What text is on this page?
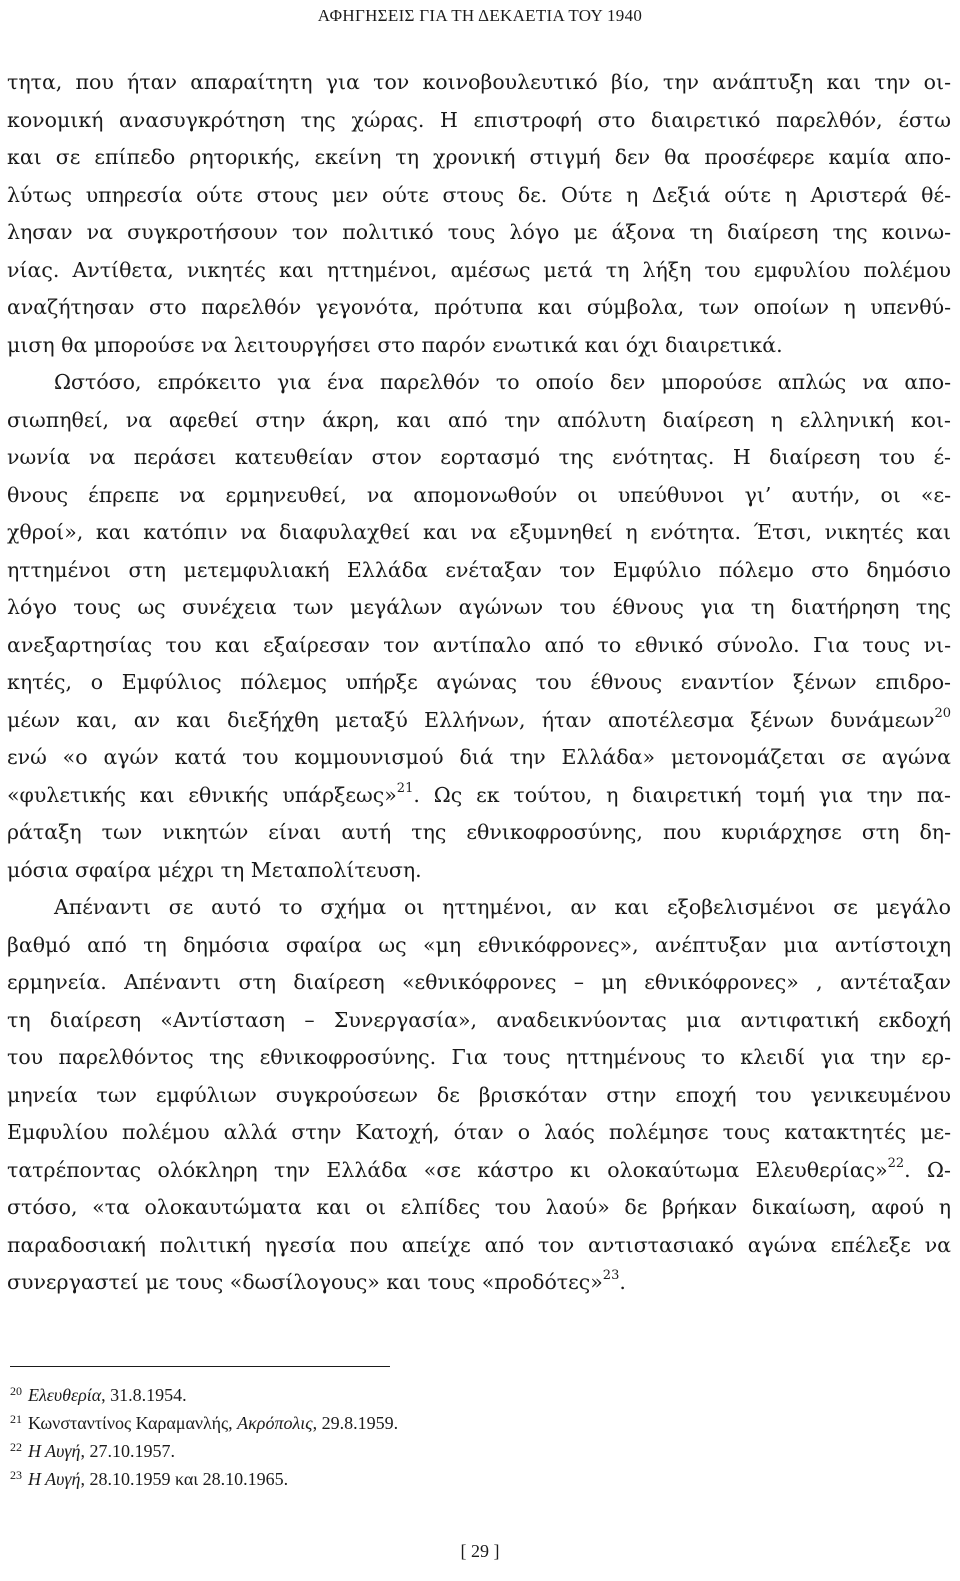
ΑΦΗΓΗΣΕΙΣ ΓΙΑ ΤΗ ΔΕΚΑΕΤΙΑ ΤΟΥ 1940
τητα, που ήταν απαραίτητη για τον κοινοβουλευτικό βίο, την ανάπτυξη και την οι-
κονομική ανασυγκρότηση της χώρας. Η επιστροφή στο διαιρετικό παρελθόν, έστω
και σε επίπεδο ρητορικής, εκείνη τη χρονική στιγμή δεν θα προσέφερε καμία απο-
λύτως υπηρεσία ούτε στους μεν ούτε στους δε. Ούτε η Δεξιά ούτε η Αριστερά θέ-
λησαν να συγκροτήσουν τον πολιτικό τους λόγο με άξονα τη διαίρεση της κοινω-
νίας. Αντίθετα, νικητές και ηττημένοι, αμέσως μετά τη λήξη του εμφυλίου πολέμου
αναζήτησαν στο παρελθόν γεγονότα, πρότυπα και σύμβολα, των οποίων η υπενθύ-
μιση θα μπορούσε να λειτουργήσει στο παρόν ενωτικά και όχι διαιρετικά.
Ωστόσο, επρόκειτο για ένα παρελθόν το οποίο δεν μπορούσε απλώς να απο-
σιωπηθεί, να αφεθεί στην άκρη, και από την απόλυτη διαίρεση η ελληνική κοι-
νωνία να περάσει κατευθείαν στον εορτασμό της ενότητας. Η διαίρεση του έ-
θνους έπρεπε να ερμηνευθεί, να απομονωθούν οι υπεύθυνοι γι’ αυτήν, οι «ε-
χθροί», και κατόπιν να διαφυλαχθεί και να εξυμνηθεί η ενότητα. Έτσι, νικητές και
ηττημένοι στη μετεμφυλιακή Ελλάδα ενέταξαν τον Εμφύλιο πόλεμο στο δημόσιο
λόγο τους ως συνέχεια των μεγάλων αγώνων του έθνους για τη διατήρηση της
ανεξαρτησίας του και εξαίρεσαν τον αντίπαλο από το εθνικό σύνολο. Για τους νι-
κητές, ο Εμφύλιος πόλεμος υπήρξε αγώνας του έθνους εναντίον ξένων επιδρο-
μέων και, αν και διεξήχθη μεταξύ Ελλήνων, ήταν αποτέλεσμα ξένων δυνάμεων$^{20}$
ενώ «ο αγών κατά του κομμουνισμού διά την Ελλάδα» μετονομάζεται σε αγώνα
«φυλετικής και εθνικής υπάρξεως»$^{21}$. Ως εκ τούτου, η διαιρετική τομή για την πα-
ράταξη των νικητών είναι αυτή της εθνικοφροσύνης, που κυριάρχησε στη δη-
μόσια σφαίρα μέχρι τη Μεταπολίτευση.
Απέναντι σε αυτό το σχήμα οι ηττημένοι, αν και εξοβελισμένοι σε μεγάλο
βαθμό από τη δημόσια σφαίρα ως «μη εθνικόφρονες», ανέπτυξαν μια αντίστοιχη
ερμηνεία. Απέναντι στη διαίρεση «εθνικόφρονες – μη εθνικόφρονες» , αντέταξαν
τη διαίρεση «Αντίσταση – Συνεργασία», αναδεικνύοντας μια αντιφατική εκδοχή
του παρελθόντος της εθνικοφροσύνης. Για τους ηττημένους το κλειδί για την ερ-
μηνεία των εμφύλιων συγκρούσεων δε βρισκόταν στην εποχή του γενικευμένου
Εμφυλίου πολέμου αλλά στην Κατοχή, όταν ο λαός πολέμησε τους κατακτητές με-
τατρέποντας ολόκληρη την Ελλάδα «σε κάστρο κι ολοκαύτωμα Ελευθερίας»$^{22}$. Ω-
στόσο, «τα ολοκαυτώματα και οι ελπίδες του λαού» δε βρήκαν δικαίωση, αφού η
παραδοσιακή πολιτική ηγεσία που απείχε από τον αντιστασιακό αγώνα επέλεξε να
συνεργαστεί με τους «δωσίλογους» και τους «προδότες»$^{23}$.
$^{20}$ Ελευθερία, 31.8.1954.
$^{21}$ Κωνσταντίνος Καραμανλής, Ακρόπολις, 29.8.1959.
$^{22}$ Η Αυγή, 27.10.1957.
$^{23}$ Η Αυγή, 28.10.1959 και 28.10.1965.
[ 29 ]
